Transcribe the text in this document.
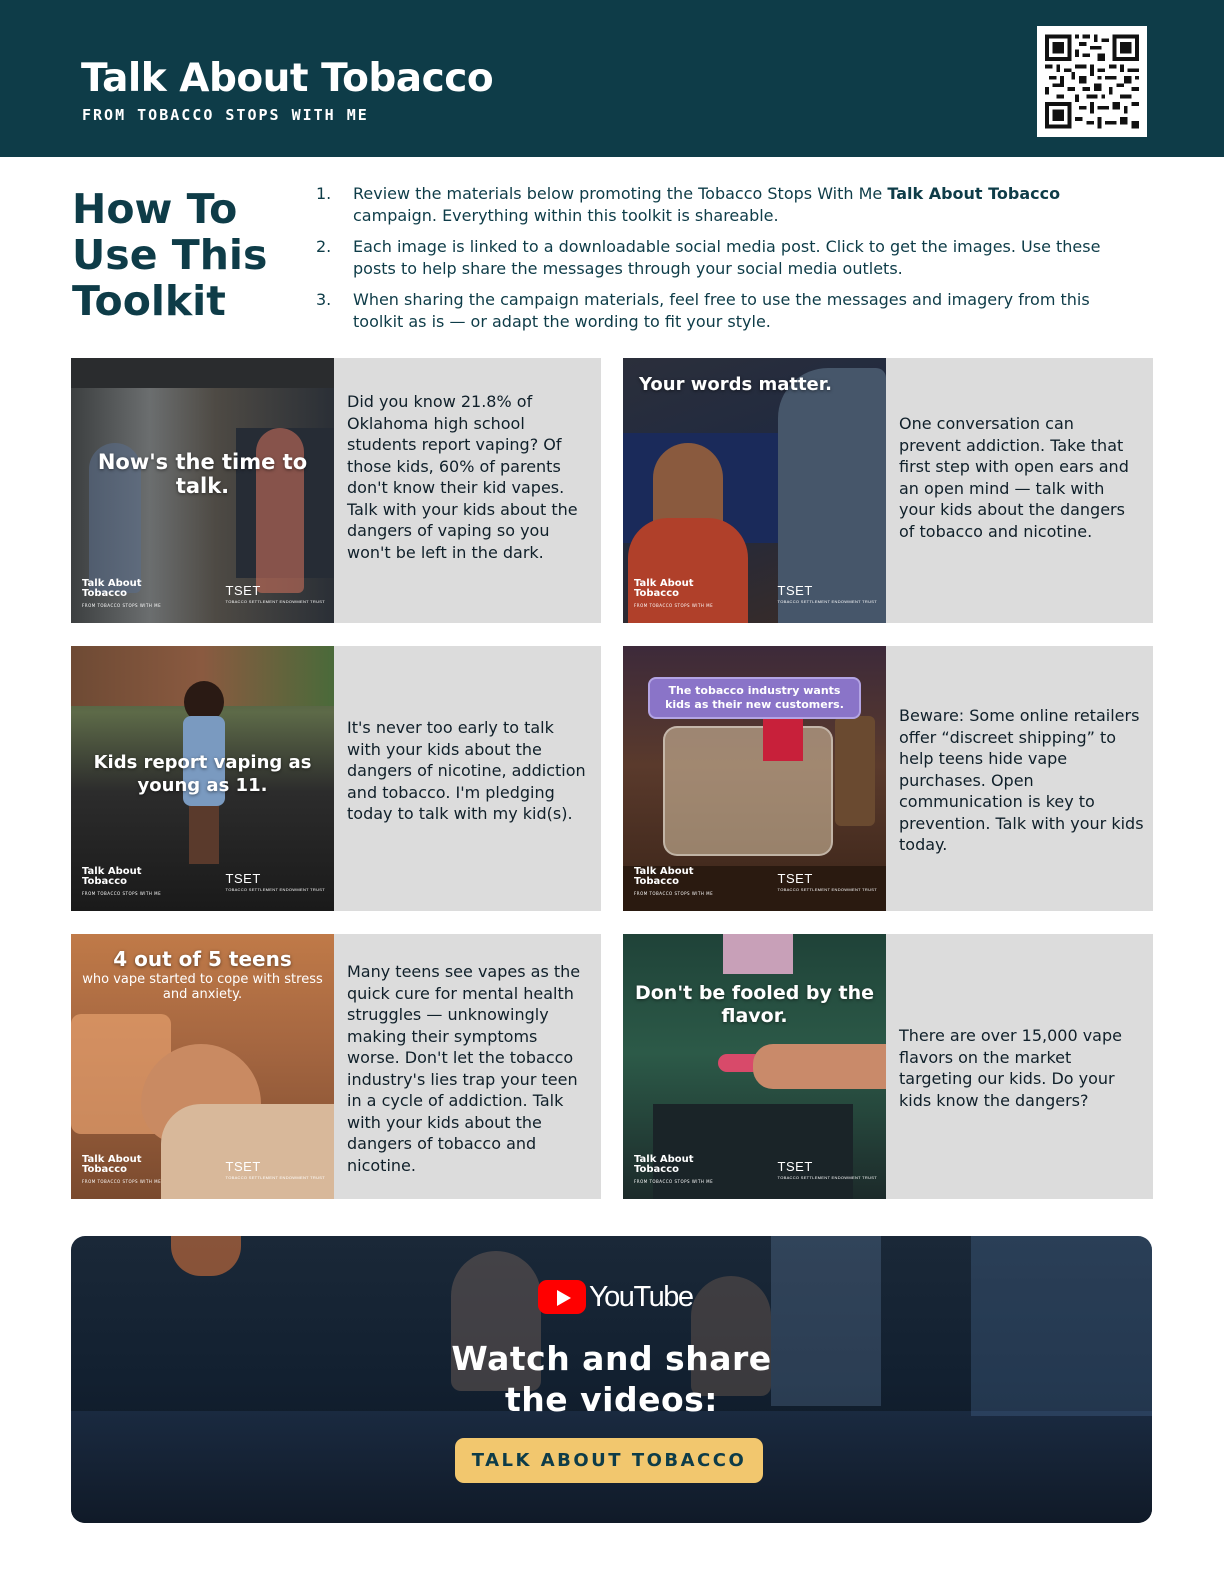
Talk About Tobacco
FROM TOBACCO STOPS WITH ME
How To
Use This
Toolkit
1. Review the materials below promoting the Tobacco Stops With Me Talk About Tobacco campaign. Everything within this toolkit is shareable.
2. Each image is linked to a downloadable social media post. Click to get the images. Use these posts to help share the messages through your social media outlets.
3. When sharing the campaign materials, feel free to use the messages and imagery from this toolkit as is — or adapt the wording to fit your style.
Now's the time to talk.
Talk About
Tobacco
FROM TOBACCO STOPS WITH ME
TSET
TOBACCO SETTLEMENT ENDOWMENT TRUST
Did you know 21.8% of Oklahoma high school students report vaping? Of those kids, 60% of parents don't know their kid vapes. Talk with your kids about the dangers of vaping so you won't be left in the dark.
Your words matter.
Talk About
Tobacco
FROM TOBACCO STOPS WITH ME
TSET
TOBACCO SETTLEMENT ENDOWMENT TRUST
One conversation can prevent addiction. Take that first step with open ears and an open mind — talk with your kids about the dangers of tobacco and nicotine.
Kids report vaping as young as 11.
Talk About
Tobacco
FROM TOBACCO STOPS WITH ME
TSET
TOBACCO SETTLEMENT ENDOWMENT TRUST
It's never too early to talk with your kids about the dangers of nicotine, addiction and tobacco. I'm pledging today to talk with my kid(s).
The tobacco industry wants kids as their new customers.
Talk About
Tobacco
FROM TOBACCO STOPS WITH ME
TSET
TOBACCO SETTLEMENT ENDOWMENT TRUST
Beware: Some online retailers offer “discreet shipping” to help teens hide vape purchases. Open communication is key to prevention. Talk with your kids today.
4 out of 5 teens
who vape started to cope with stress and anxiety.
Talk About
Tobacco
FROM TOBACCO STOPS WITH ME
TSET
TOBACCO SETTLEMENT ENDOWMENT TRUST
Many teens see vapes as the quick cure for mental health struggles — unknowingly making their symptoms worse. Don't let the tobacco industry's lies trap your teen in a cycle of addiction. Talk with your kids about the dangers of tobacco and nicotine.
Don't be fooled by the flavor.
Talk About
Tobacco
FROM TOBACCO STOPS WITH ME
TSET
TOBACCO SETTLEMENT ENDOWMENT TRUST
There are over 15,000 vape flavors on the market targeting our kids. Do your kids know the dangers?
YouTube
Watch and share
the videos:
TALK ABOUT TOBACCO
